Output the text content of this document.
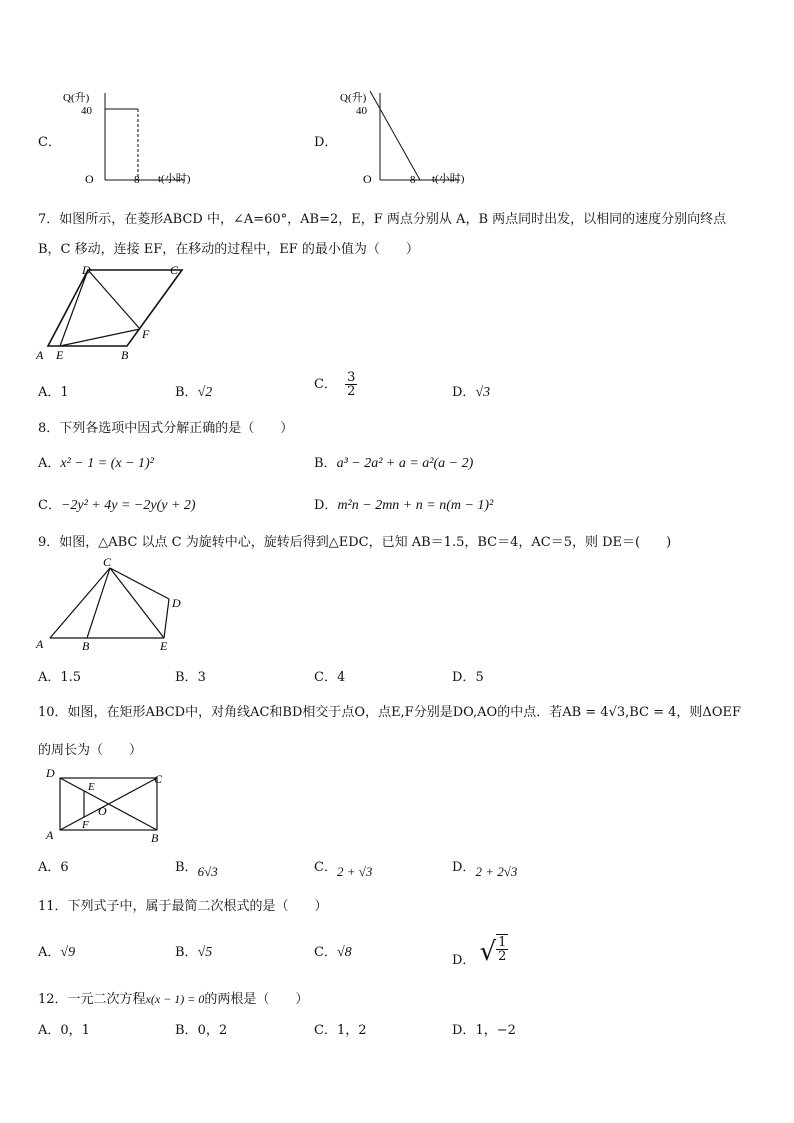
C．
Q(升)
40
O	8 t(小时)
D．
Q(升)
40
O	8 t(小时)
7．如图所示，在菱形ABCD 中，∠A=60°，AB=2，E，F 两点分别从 A，B 两点同时出发，以相同的速度分别向终点
B，C 移动，连接 EF，在移动的过程中，EF 的最小值为（　　）
A E	B
D	C
F
A．1	B．√2
C． $\frac{3}{2}$	D．√3
8．下列各选项中因式分解正确的是（　　）
A．x² − 1 = (x − 1)²	B．a³ − 2a² + a = a²(a − 2)
C．−2y² + 4y = −2y(y + 2)	D．m²n − 2mn + n = n(m − 1)²
9．如图，△ABC 以点 C 为旋转中心，旋转后得到△EDC，已知 AB＝1.5，BC＝4，AC＝5，则 DE＝(　　)
A	B
C
D
E
A．1.5	B．3	C．4	D．5
10．如图，在矩形ABCD中，对角线AC和BD相交于点O，点E,F分别是DO,AO的中点．若AB = 4√3,BC = 4，则ΔOEF
的周长为（　　）
D
E
C
O
F
A	B
A．6	B．6√3	C．2 + √3	D．2 + 2√3
11．下列式子中，属于最简二次根式的是（　　）
A．√9	B．√5	C．√8
D． √ $\frac{1}{2}$
12．一元二次方程x(x − 1) = 0的两根是（　　）
A．0，1	B．0，2	C．1，2	D．1，−2
